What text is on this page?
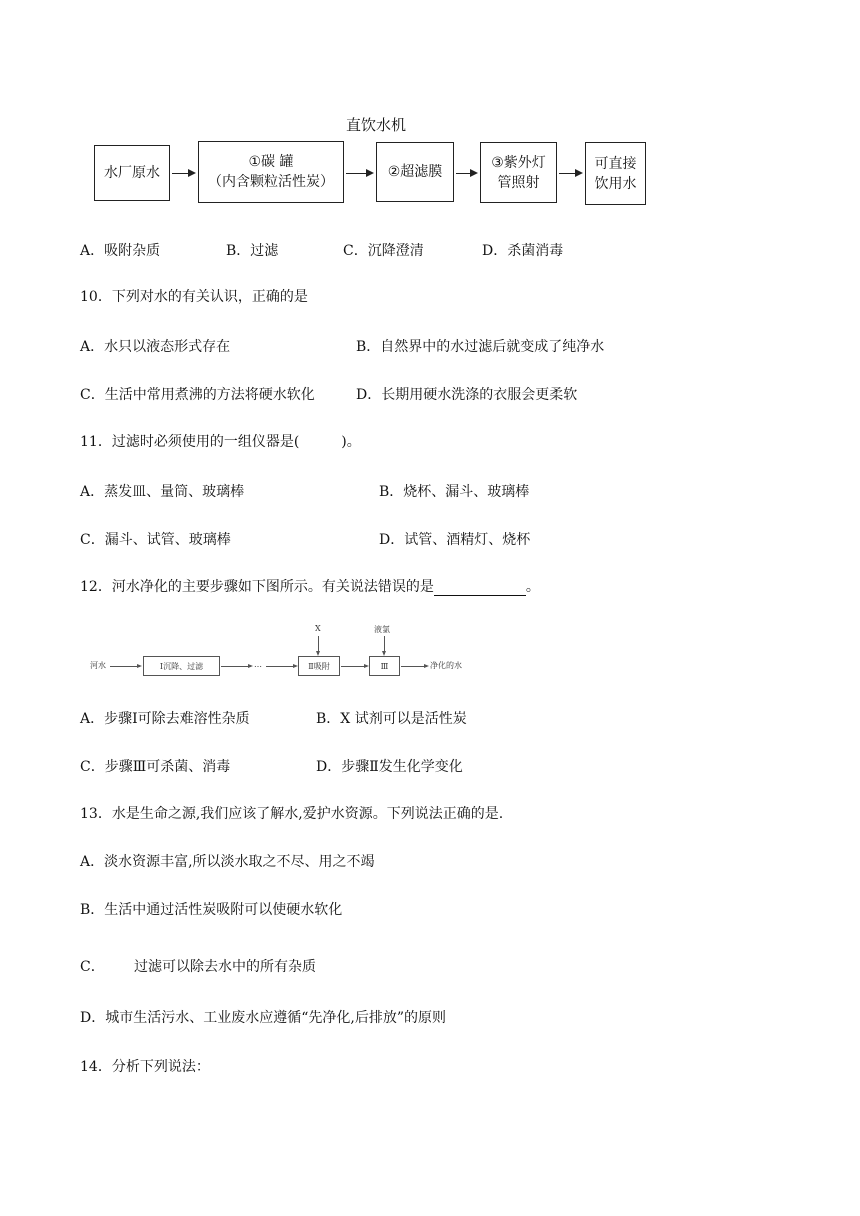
直饮水机
水厂原水
①碳 罐
（内含颗粒活性炭）
②超滤膜
③紫外灯
管照射
可直接
饮用水
A．吸附杂质	B．过滤	C．沉降澄清	D．杀菌消毒
10．下列对水的有关认识，正确的是
A．水只以液态形式存在	B．自然界中的水过滤后就变成了纯净水
C．生活中常用煮沸的方法将硬水软化	D．长期用硬水洗涤的衣服会更柔软
11．过滤时必须使用的一组仪器是(　　　)。
A．蒸发皿、量筒、玻璃棒	B．烧杯、漏斗、玻璃棒
C．漏斗、试管、玻璃棒	D．试管、酒精灯、烧杯
12．河水净化的主要步骤如下图所示。有关说法错误的是	。
河水	Ⅰ沉降、过滤	…	Ⅱ吸附	Ⅲ	净化的水
X	液氯
A．步骤Ⅰ可除去难溶性杂质	B．X 试剂可以是活性炭
C．步骤Ⅲ可杀菌、消毒	D．步骤Ⅱ发生化学变化
13．水是生命之源,我们应该了解水,爱护水资源。下列说法正确的是.
A．淡水资源丰富,所以淡水取之不尽、用之不竭
B．生活中通过活性炭吸附可以使硬水软化
C． 过滤可以除去水中的所有杂质
D．城市生活污水、工业废水应遵循“先净化,后排放”的原则
14．分析下列说法：
